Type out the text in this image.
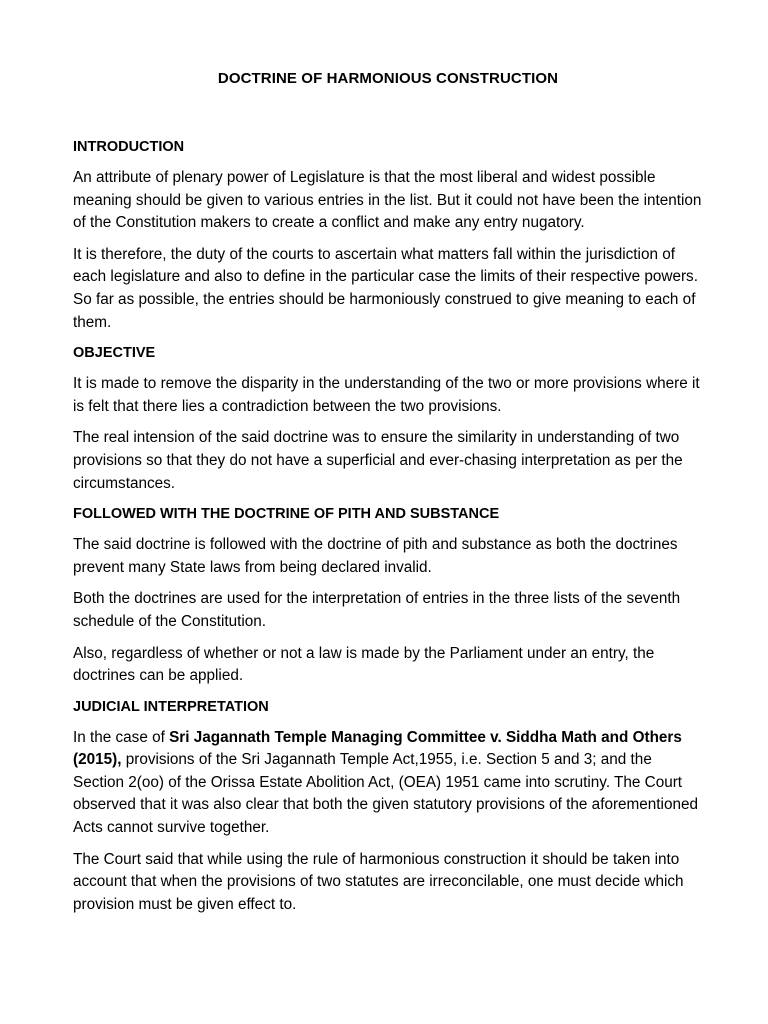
DOCTRINE OF HARMONIOUS CONSTRUCTION
INTRODUCTION

An attribute of plenary power of Legislature is that the most liberal and widest possible meaning should be given to various entries in the list. But it could not have been the intention of the Constitution makers to create a conflict and make any entry nugatory.

It is therefore, the duty of the courts to ascertain what matters fall within the jurisdiction of each legislature and also to define in the particular case the limits of their respective powers. So far as possible, the entries should be harmoniously construed to give meaning to each of them.

OBJECTIVE

It is made to remove the disparity in the understanding of the two or more provisions where it is felt that there lies a contradiction between the two provisions.

The real intension of the said doctrine was to ensure the similarity in understanding of two provisions so that they do not have a superficial and ever-chasing interpretation as per the circumstances.

FOLLOWED WITH THE DOCTRINE OF PITH AND SUBSTANCE

The said doctrine is followed with the doctrine of pith and substance as both the doctrines prevent many State laws from being declared invalid.

Both the doctrines are used for the interpretation of entries in the three lists of the seventh schedule of the Constitution.

Also, regardless of whether or not a law is made by the Parliament under an entry, the doctrines can be applied.

JUDICIAL INTERPRETATION

In the case of Sri Jagannath Temple Managing Committee v. Siddha Math and Others (2015), provisions of the Sri Jagannath Temple Act,1955, i.e. Section 5 and 3; and the Section 2(oo) of the Orissa Estate Abolition Act, (OEA) 1951 came into scrutiny. The Court observed that it was also clear that both the given statutory provisions of the aforementioned Acts cannot survive together.

The Court said that while using the rule of harmonious construction it should be taken into account that when the provisions of two statutes are irreconcilable, one must decide which provision must be given effect to.
